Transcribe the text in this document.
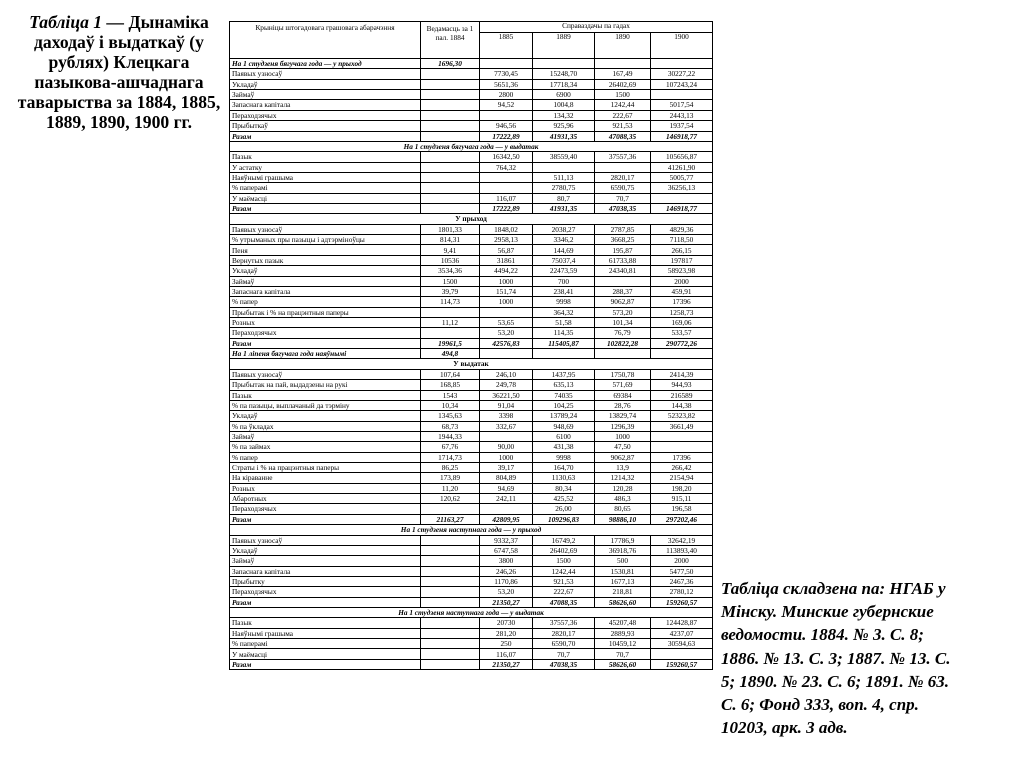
Табліца 1 — Дынаміка даходаў і выдаткаў (у рублях) Клецкага пазыкова-ашчаднага таварыства за 1884, 1885, 1889, 1890, 1900 гг.
Крыніцы штогадовага грашовага абарачэння	Ведамасць за 1 пал. 1884	Справаздачы па гадах			
		1885	1889	1890	1900
На 1 студзеня бягучага года — у прыход	1696,30				
Паявых узносаў		7730,45	15248,70	167,49	30227,22
Укладаў		5651,36	17718,34	26402,69	107243,24
Займаў		2800	6900	1500	
Запаснага капітала		94,52	1004,8	1242,44	5017,54
Пераходзячых			134,32	222,67	2443,13
Прыбыткаў		946,56	925,96	921,53	1937,54
Разам		17222,89	41931,35	47088,35	146918,77
На 1 студзеня бягучага года — у выдатак					
Пазык		16342,50	38559,40	37557,36	105656,87
У астатку		764,32			41261,90
Наяўнымі грашыма			511,13	2820,17	5005,77
% паперамі			2780,75	6590,75	36256,13
У маёмасці		116,07	80,7	70,7	
Разам		17222,89	41931,35	47038,35	146918,77
У прыход					
Паявых узносаў	1801,33	1848,02	2038,27	2787,85	4829,36
% утрыманых пры пазыцы і адтэрміноўцы	814,31	2958,13	3346,2	3668,25	7118,50
Пеня	9,41	56,87	144,69	195,87	266,15
Вернутых пазык	10536	31861	75037,4	61733,88	197817
Укладаў	3534,36	4494,22	22473,59	24340,81	58923,98
Займаў	1500	1000	700		2000
Запаснага капітала	39,79	151,74	238,41	288,37	459,91
% папер	114,73	1000	9998	9062,87	17396
Прыбытак і % на працэнтныя паперы			364,32	573,20	1258,73
Розных	11,12	53,65	51,58	101,34	169,06
Пераходзячых		53,20	114,35	76,79	533,57
Разам	19961,5	42576,83	115405,87	102822,28	290772,26
На 1 ліпеня бягучага года наяўнымі	494,8				
У выдатак					
Паявых узносаў	107,64	246,10	1437,95	1750,78	2414,39
Прыбытак на пай, выдадзены на рукі	168,85	249,78	635,13	571,69	944,93
Пазык	1543	36221,50	74035	69384	216589
% па пазыцы, выплачаный да тэрміну	10,34	91,04	104,25	28,76	144,38
Укладаў	1345,63	3398	13789,24	13829,74	52323,82
% па ўкладах	68,73	332,67	948,69	1296,39	3661,49
Займаў	1944,33		6100	1000	
% па займах	67,76	90,00	431,38	47,50	
% папер	1714,73	1000	9998	9062,87	17396
Страты і % на працэнтныя паперы	86,25	39,17	164,70	13,9	266,42
На кіраванне	173,89	804,89	1130,63	1214,32	2154,94
Розных	11,20	94,69	80,34	120,28	198,20
Абаротных	120,62	242,11	425,52	486,3	915,11
Пераходзячых			26,00	80,65	196,58
Разам	21163,27	42809,95	109296,83	98886,10	297202,46
На 1 студзеня наступнага года — у прыход					
Паявых узносаў		9332,37	16749,2	17786,9	32642,19
Укладаў		6747,58	26402,69	36918,76	113893,40
Займаў		3800	1500	500	2000
Запаснага капітала		246,26	1242,44	1530,81	5477,50
Прыбытку		1170,86	921,53	1677,13	2467,36
Пераходзячых		53,20	222,67	218,81	2780,12
Разам		21350,27	47088,35	58626,60	159260,57
На 1 студзеня наступнага года — у выдатак					
Пазык		20730	37557,36	45207,48	124428,87
Наяўнымі грашыма		281,20	2820,17	2889,93	4237,07
% паперамі		250	6590,70	10459,12	30594,63
У маёмасці		116,07	70,7	70,7	
Разам		21350,27	47038,35	58626,60	159260,57
Табліца складзена па: НГАБ у
Мінску. Минские губернские
ведомости. 1884. № 3. С. 8;
1886. № 13. С. 3; 1887. № 13. С.
5; 1890. № 23. С. 6; 1891. № 63.
С. 6; Фонд 333, воп. 4, спр.
10203, арк. 3 адв.
